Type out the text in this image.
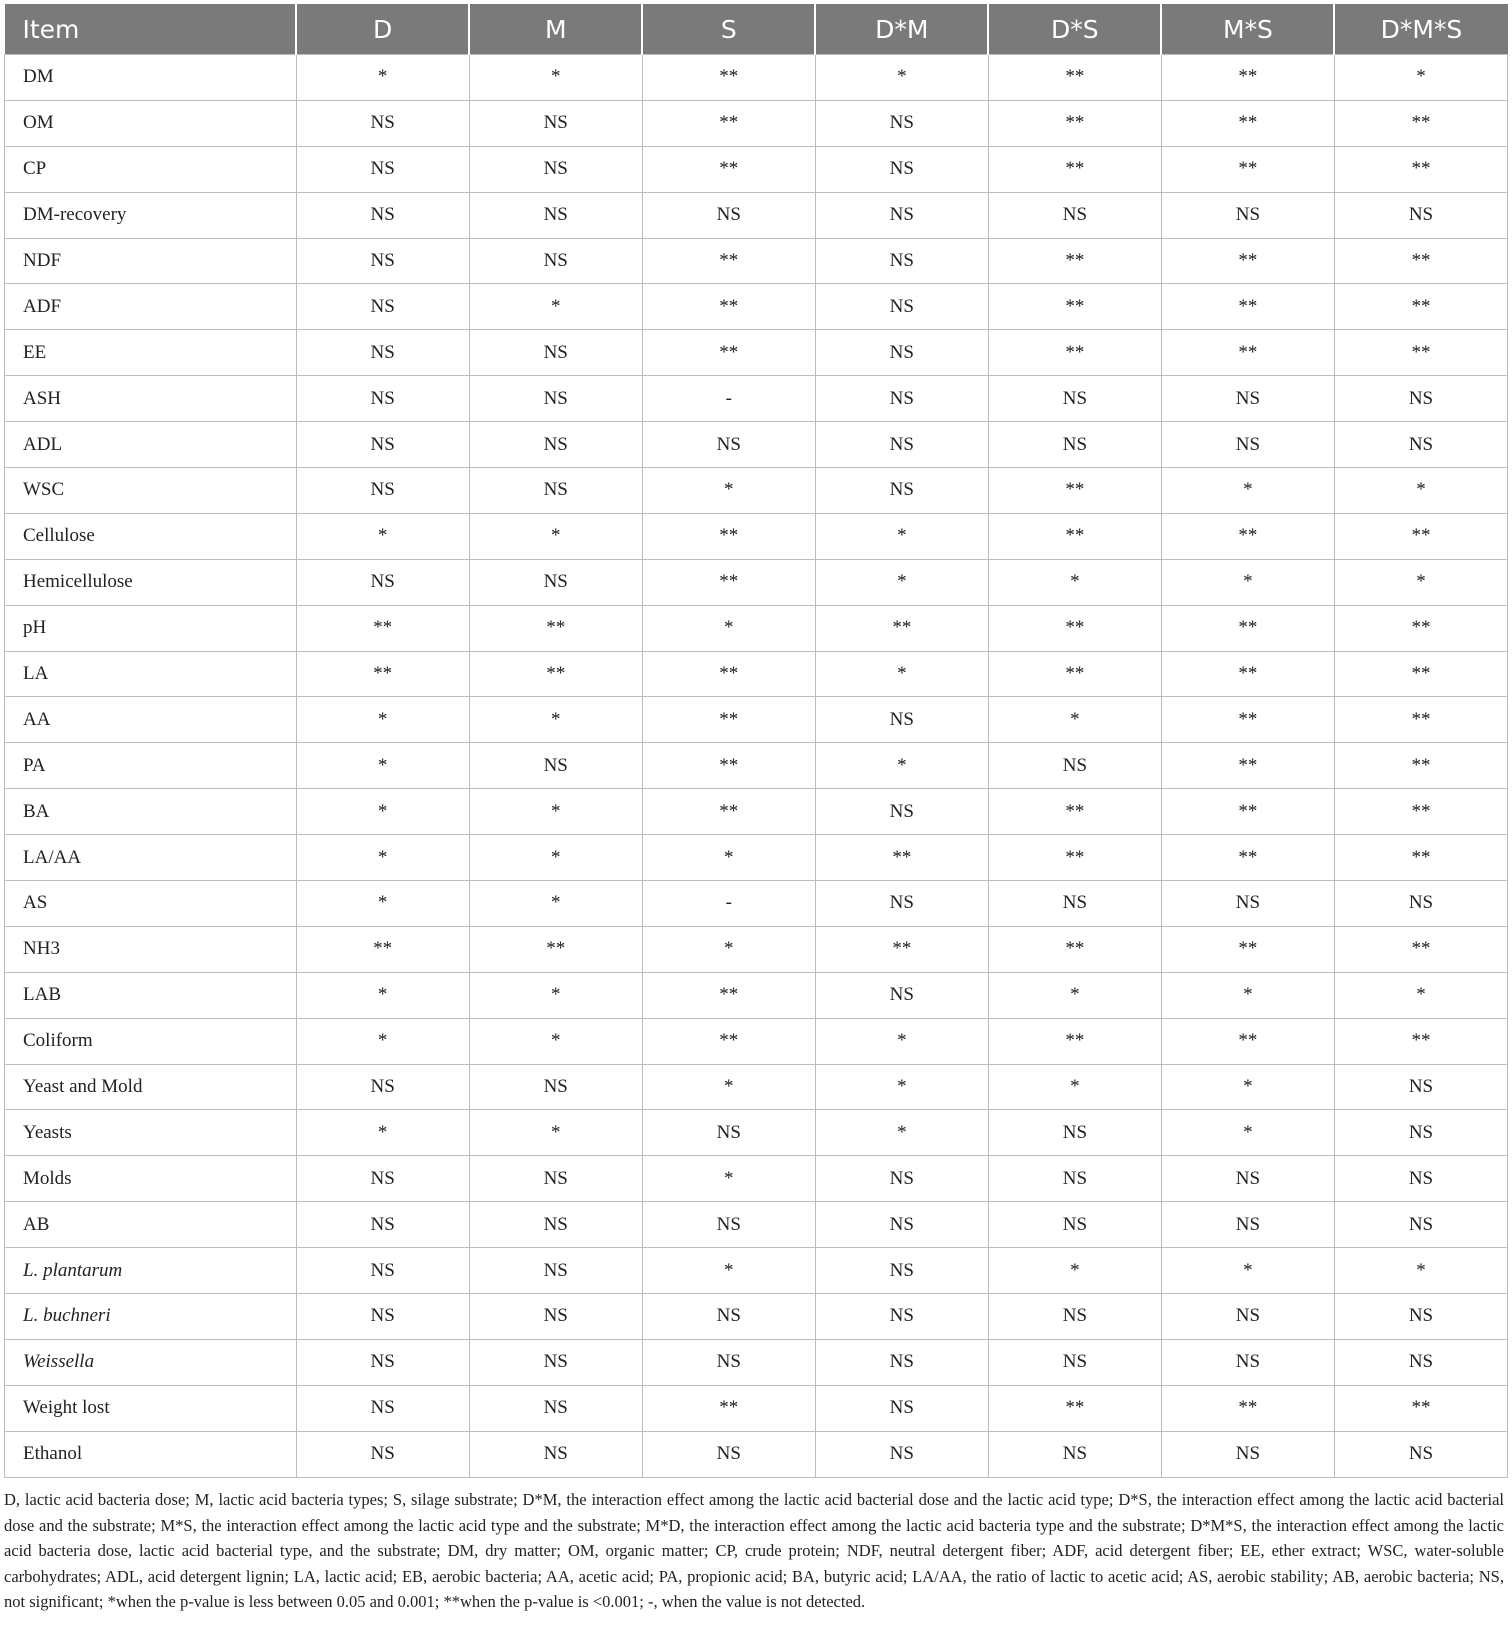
Item	D	M	S	D*M	D*S	M*S	D*M*S
DM	*	*	**	*	**	**	*
OM	NS	NS	**	NS	**	**	**
CP	NS	NS	**	NS	**	**	**
DM-recovery	NS	NS	NS	NS	NS	NS	NS
NDF	NS	NS	**	NS	**	**	**
ADF	NS	*	**	NS	**	**	**
EE	NS	NS	**	NS	**	**	**
ASH	NS	NS	-	NS	NS	NS	NS
ADL	NS	NS	NS	NS	NS	NS	NS
WSC	NS	NS	*	NS	**	*	*
Cellulose	*	*	**	*	**	**	**
Hemicellulose	NS	NS	**	*	*	*	*
pH	**	**	*	**	**	**	**
LA	**	**	**	*	**	**	**
AA	*	*	**	NS	*	**	**
PA	*	NS	**	*	NS	**	**
BA	*	*	**	NS	**	**	**
LA/AA	*	*	*	**	**	**	**
AS	*	*	-	NS	NS	NS	NS
NH3	**	**	*	**	**	**	**
LAB	*	*	**	NS	*	*	*
Coliform	*	*	**	*	**	**	**
Yeast and Mold	NS	NS	*	*	*	*	NS
Yeasts	*	*	NS	*	NS	*	NS
Molds	NS	NS	*	NS	NS	NS	NS
AB	NS	NS	NS	NS	NS	NS	NS
L. plantarum	NS	NS	*	NS	*	*	*
L. buchneri	NS	NS	NS	NS	NS	NS	NS
Weissella	NS	NS	NS	NS	NS	NS	NS
Weight lost	NS	NS	**	NS	**	**	**
Ethanol	NS	NS	NS	NS	NS	NS	NS

D, lactic acid bacteria dose; M, lactic acid bacteria types; S, silage substrate; D*M, the interaction effect among the lactic acid bacterial dose and the lactic acid type; D*S, the interaction effect among the lactic acid bacterial dose and the substrate; M*S, the interaction effect among the lactic acid type and the substrate; M*D, the interaction effect among the lactic acid bacteria type and the substrate; D*M*S, the interaction effect among the lactic acid bacteria dose, lactic acid bacterial type, and the substrate; DM, dry matter; OM, organic matter; CP, crude protein; NDF, neutral detergent fiber; ADF, acid detergent fiber; EE, ether extract; WSC, water-soluble carbohydrates; ADL, acid detergent lignin; LA, lactic acid; EB, aerobic bacteria; AA, acetic acid; PA, propionic acid; BA, butyric acid; LA/AA, the ratio of lactic to acetic acid; AS, aerobic stability; AB, aerobic bacteria; NS, not significant; *when the p-value is less between 0.05 and 0.001; **when the p-value is <0.001; -, when the value is not detected.
